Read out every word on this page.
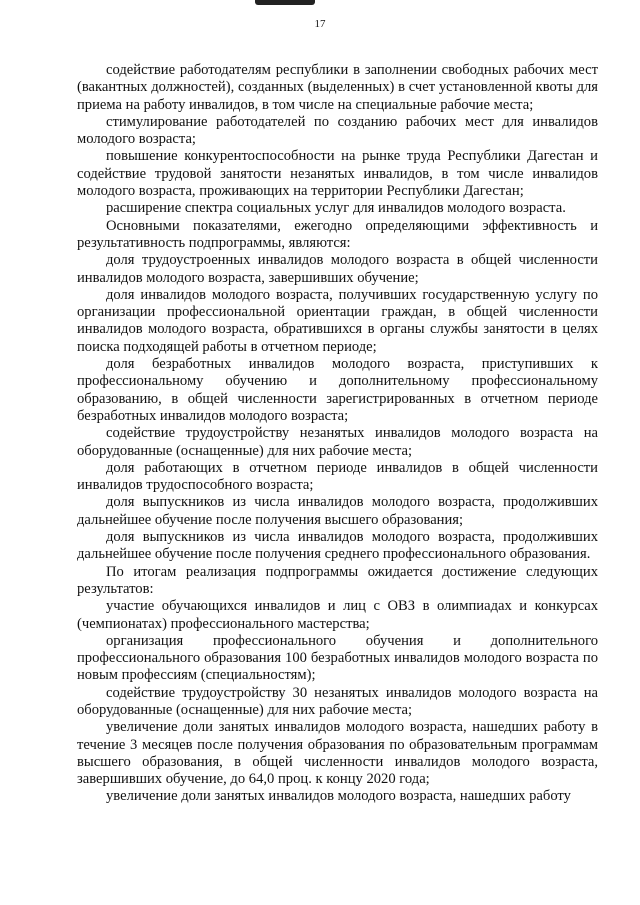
17

содействие работодателям республики в заполнении свободных рабочих мест (вакантных должностей), созданных (выделенных) в счет установленной квоты для приема на работу инвалидов, в том числе на специальные рабочие места;

стимулирование работодателей по созданию рабочих мест для инвалидов молодого возраста;

повышение конкурентоспособности на рынке труда Республики Дагестан и содействие трудовой занятости незанятых инвалидов, в том числе инвалидов молодого возраста, проживающих на территории Республики Дагестан;

расширение спектра социальных услуг для инвалидов молодого возраста.

Основными показателями, ежегодно определяющими эффективность и результативность подпрограммы, являются:

доля трудоустроенных инвалидов молодого возраста в общей численности инвалидов молодого возраста, завершивших обучение;

доля инвалидов молодого возраста, получивших государственную услугу по организации профессиональной ориентации граждан, в общей численности инвалидов молодого возраста, обратившихся в органы службы занятости в целях поиска подходящей работы в отчетном периоде;

доля безработных инвалидов молодого возраста, приступивших к профессиональному обучению и дополнительному профессиональному образованию, в общей численности зарегистрированных в отчетном периоде безработных инвалидов молодого возраста;

содействие трудоустройству незанятых инвалидов молодого возраста на оборудованные (оснащенные) для них рабочие места;

доля работающих в отчетном периоде инвалидов в общей численности инвалидов трудоспособного возраста;

доля выпускников из числа инвалидов молодого возраста, продолживших дальнейшее обучение после получения высшего образования;

доля выпускников из числа инвалидов молодого возраста, продолживших дальнейшее обучение после получения среднего профессионального образования.

По итогам реализация подпрограммы ожидается достижение следующих результатов:

участие обучающихся инвалидов и лиц с ОВЗ в олимпиадах и конкурсах (чемпионатах) профессионального мастерства;

организация профессионального обучения и дополнительного профессионального образования 100 безработных инвалидов молодого возраста по новым профессиям (специальностям);

содействие трудоустройству 30 незанятых инвалидов молодого возраста на оборудованные (оснащенные) для них рабочие места;

увеличение доли занятых инвалидов молодого возраста, нашедших работу в течение 3 месяцев после получения образования по образовательным программам высшего образования, в общей численности инвалидов молодого возраста, завершивших обучение, до 64,0 проц. к концу 2020 года;

увеличение доли занятых инвалидов молодого возраста, нашедших работу
